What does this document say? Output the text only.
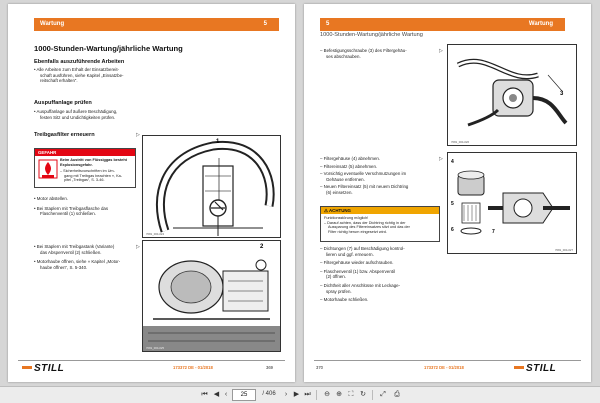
Wartung	5
1000-Stunden-Wartung/jährliche Wartung
Ebenfalls auszuführende Arbeiten
• Alle Arbeiten zum Erhalt der Einsatzbereit-
schaft ausführen, siehe Kapitel „Einsatzbe-
reitschaft erhalten“.
Auspuffanlage prüfen
• Auspuffanlage auf äußere Beschädigung,
festen Sitz und Undichtigkeiten prüfen.
Treibgasfilter erneuern	▷
GEFAHR
Beim Austritt von Flüssiggas besteht
Explosionsgefahr.
– Sicherheitsvorschriften im Um-
gang mit Treibgas beachten », Ka-
pitel „Treibgas“, S. 3-46.
• Motor abstellen.
• Bei Staplern mit Treibgasflasche das
Flaschenventil (1) schließen.
▷
• Bei Staplern mit Treibgastank (Variante)
das Absperrventil (2) schließen.
• Motorhaube öffnen, siehe » Kapitel „Motor-
haube öffnen“, S. 5-340.
1
7081_004-024
2
7081_004-025
STILL	173372 DE - 01/2018	369
5	Wartung
1000-Stunden-Wartung/jährliche Wartung
– Befestigungsschraube (3) des Filtergehäu-
ses abschrauben.
▷
3
7081_004-026
– Filtergehäuse (4) abnehmen.
– Filtereinsatz (5) abnehmen.
– Vorsichtig eventuelle Verschmutzungen im
Gehäuse entfernen.
– Neuen Filtereinsatz (5) mit neuem Dichtring
(6) einsetzen.
▷ 4
5
6	7
7081_004-027
⚠ ACHTUNG
Funktionsstörung möglich!
– Darauf achten, dass der Dichtring richtig in der
Aussparung des Filtereinsatzes sitzt und das der
Filter richtig herum eingesetzt wird.
– Dichtungen (7) auf Beschädigung kontrol-
lieren und ggf. erneuern.
– Filtergehäuse wieder aufschrauben.
– Flaschenventil (1) bzw. Absperrventil
(2) öffnen.
– Dichtheit aller Anschlüsse mit Leckage-
spray prüfen.
– Motorhaube schließen.
370	173372 DE - 01/2018	STILL
⏮ ◀ ‹
25	/ 406	› ▶ ⏭ ⊖ ⊕ ⛶ ↻	⤢	⎙
